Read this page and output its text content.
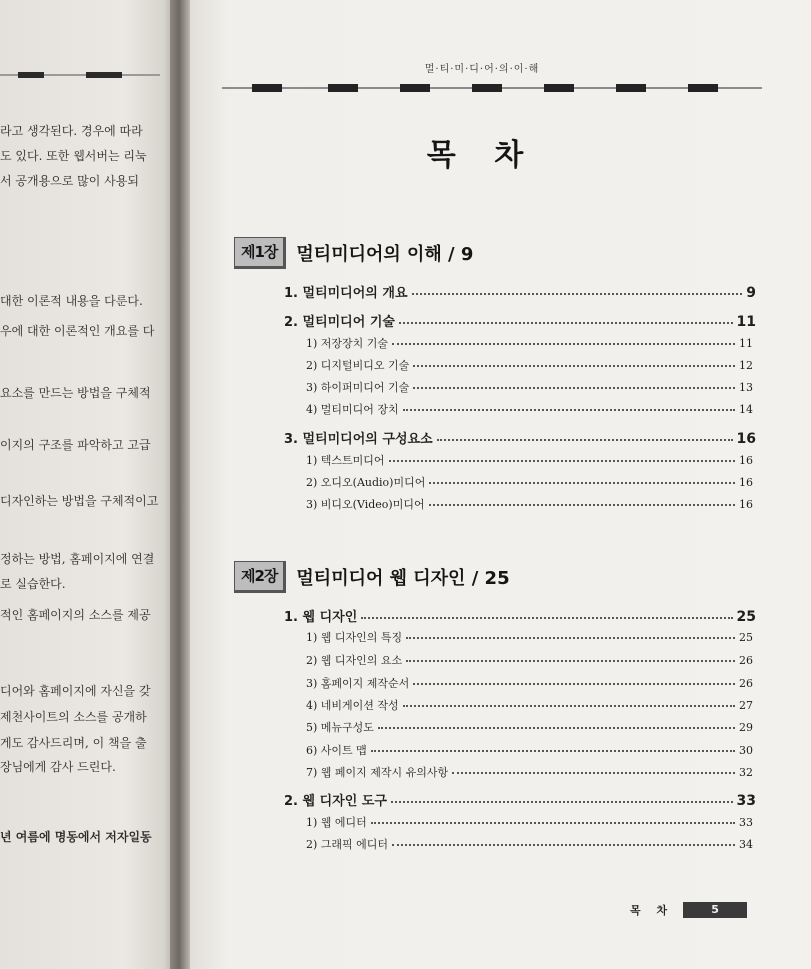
라고 생각된다. 경우에 따라
도 있다. 또한 웹서버는 리눅
서 공개용으로 많이 사용되
대한 이론적 내용을 다룬다.
우에 대한 이론적인 개요를 다
요소를 만드는 방법을 구체적
이지의 구조를 파악하고 고급
디자인하는 방법을 구체적이고
정하는 방법, 홈페이지에 연결
로 실습한다.
적인 홈페이지의 소스를 제공
디어와 홈페이지에 자신을 갖
제천사이트의 소스를 공개하
게도 감사드리며, 이 책을 출
장님에게 감사 드린다.
년 여름에 명동에서 저자일동
멀·티·미·디·어·의·이·해
목 차
제1장	멀티미디어의 이해 / 9
1. 멀티미디어의 개요	9
2. 멀티미디어 기술	11
1) 저장장치 기술	11
2) 디지털비디오 기술	12
3) 하이퍼미디어 기술	13
4) 멀티미디어 장치	14
3. 멀티미디어의 구성요소	16
1) 텍스트미디어	16
2) 오디오(Audio)미디어	16
3) 비디오(Video)미디어	16
제2장	멀티미디어 웹 디자인 / 25
1. 웹 디자인	25
1) 웹 디자인의 특징	25
2) 웹 디자인의 요소	26
3) 홈페이지 제작순서	26
4) 네비게이션 작성	27
5) 메뉴구성도	29
6) 사이트 맵	30
7) 웹 페이지 제작시 유의사항	32
2. 웹 디자인 도구	33
1) 웹 에디터	33
2) 그래픽 에디터	34
목 차	5
